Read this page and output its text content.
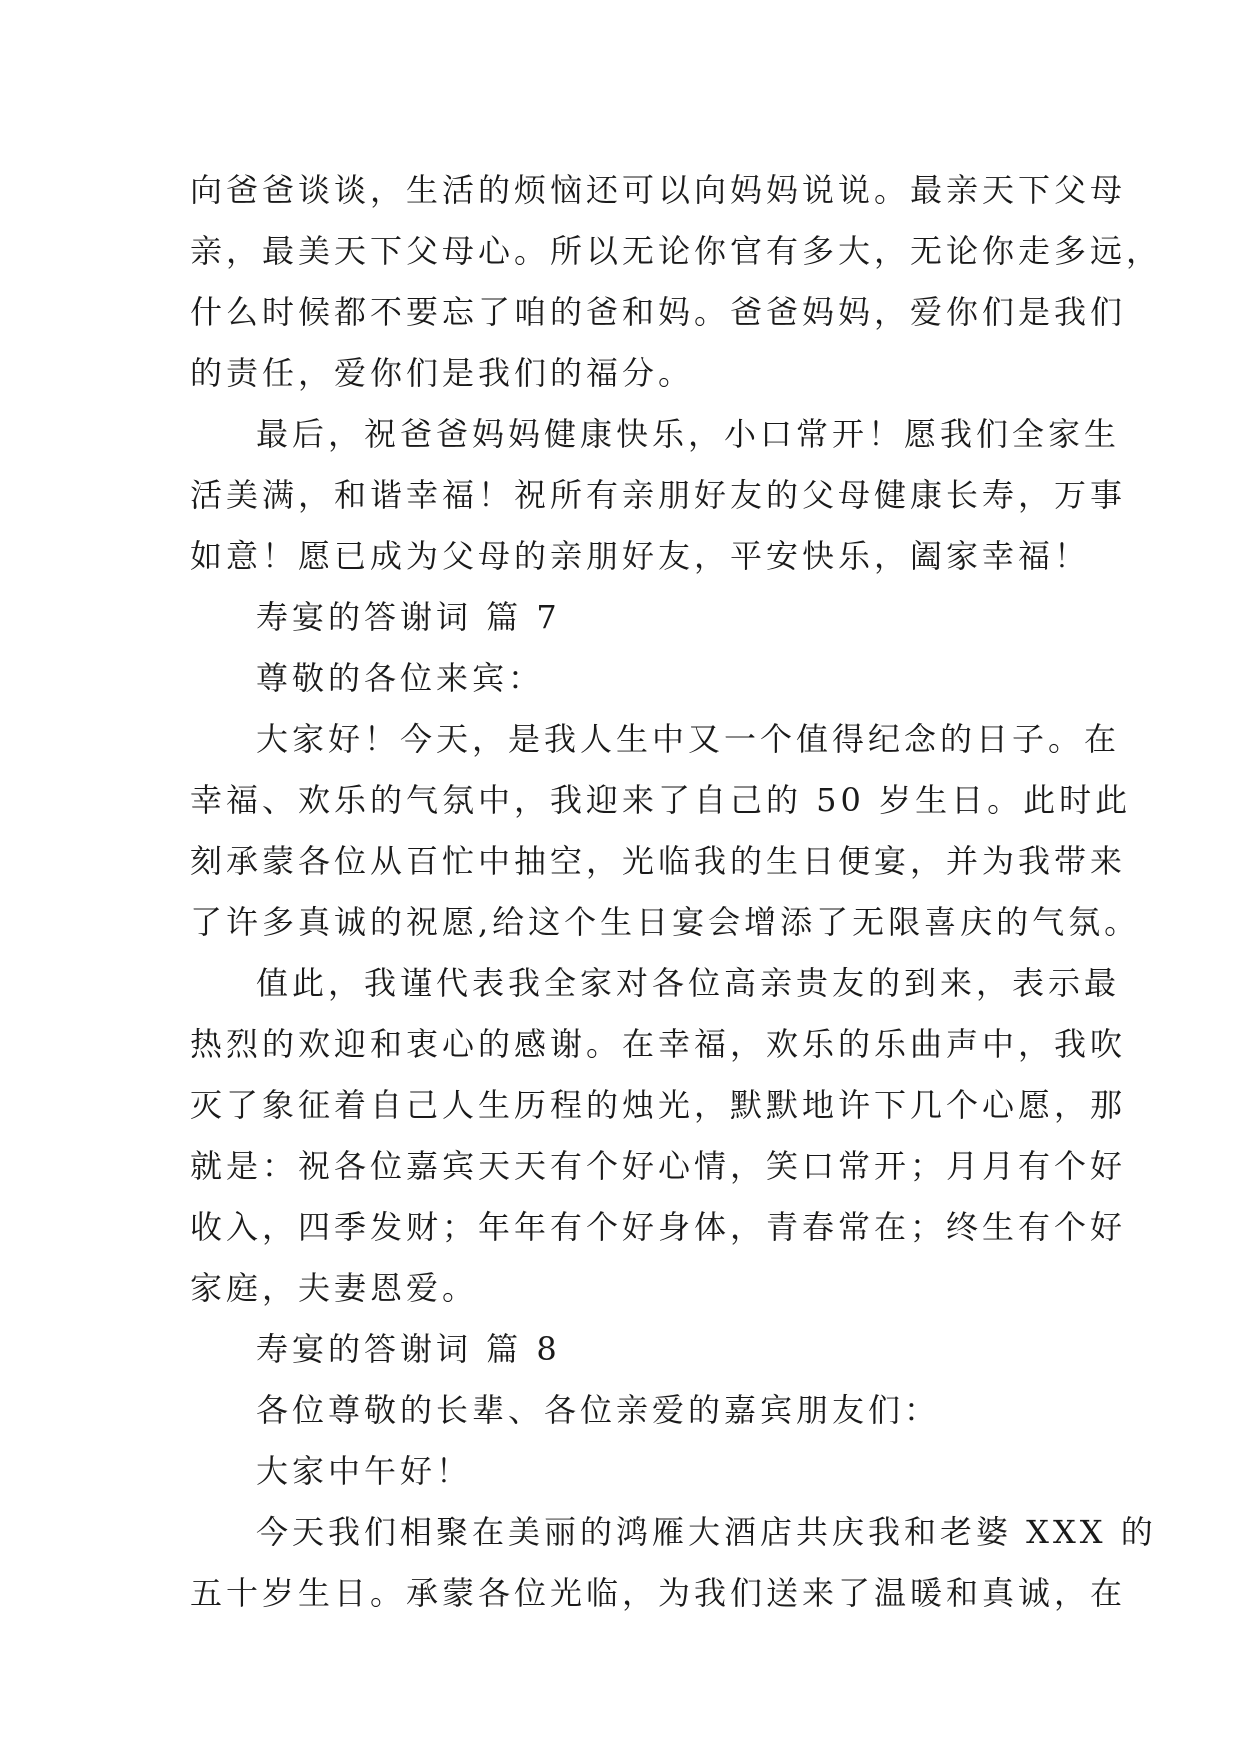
向爸爸谈谈，生活的烦恼还可以向妈妈说说。最亲天下父母
亲，最美天下父母心。所以无论你官有多大，无论你走多远，
什么时候都不要忘了咱的爸和妈。爸爸妈妈，爱你们是我们
的责任，爱你们是我们的福分。
最后，祝爸爸妈妈健康快乐，小口常开！愿我们全家生
活美满，和谐幸福！祝所有亲朋好友的父母健康长寿，万事
如意！愿已成为父母的亲朋好友，平安快乐，阖家幸福！
寿宴的答谢词 篇 7
尊敬的各位来宾：
大家好！今天，是我人生中又一个值得纪念的日子。在
幸福、欢乐的气氛中，我迎来了自己的 50 岁生日。此时此
刻承蒙各位从百忙中抽空，光临我的生日便宴，并为我带来
了许多真诚的祝愿,给这个生日宴会增添了无限喜庆的气氛。
值此，我谨代表我全家对各位高亲贵友的到来，表示最
热烈的欢迎和衷心的感谢。在幸福，欢乐的乐曲声中，我吹
灭了象征着自己人生历程的烛光，默默地许下几个心愿，那
就是：祝各位嘉宾天天有个好心情，笑口常开；月月有个好
收入，四季发财；年年有个好身体，青春常在；终生有个好
家庭，夫妻恩爱。
寿宴的答谢词 篇 8
各位尊敬的长辈、各位亲爱的嘉宾朋友们：
大家中午好！
今天我们相聚在美丽的鸿雁大酒店共庆我和老婆 XXX 的
五十岁生日。承蒙各位光临，为我们送来了温暖和真诚，在
